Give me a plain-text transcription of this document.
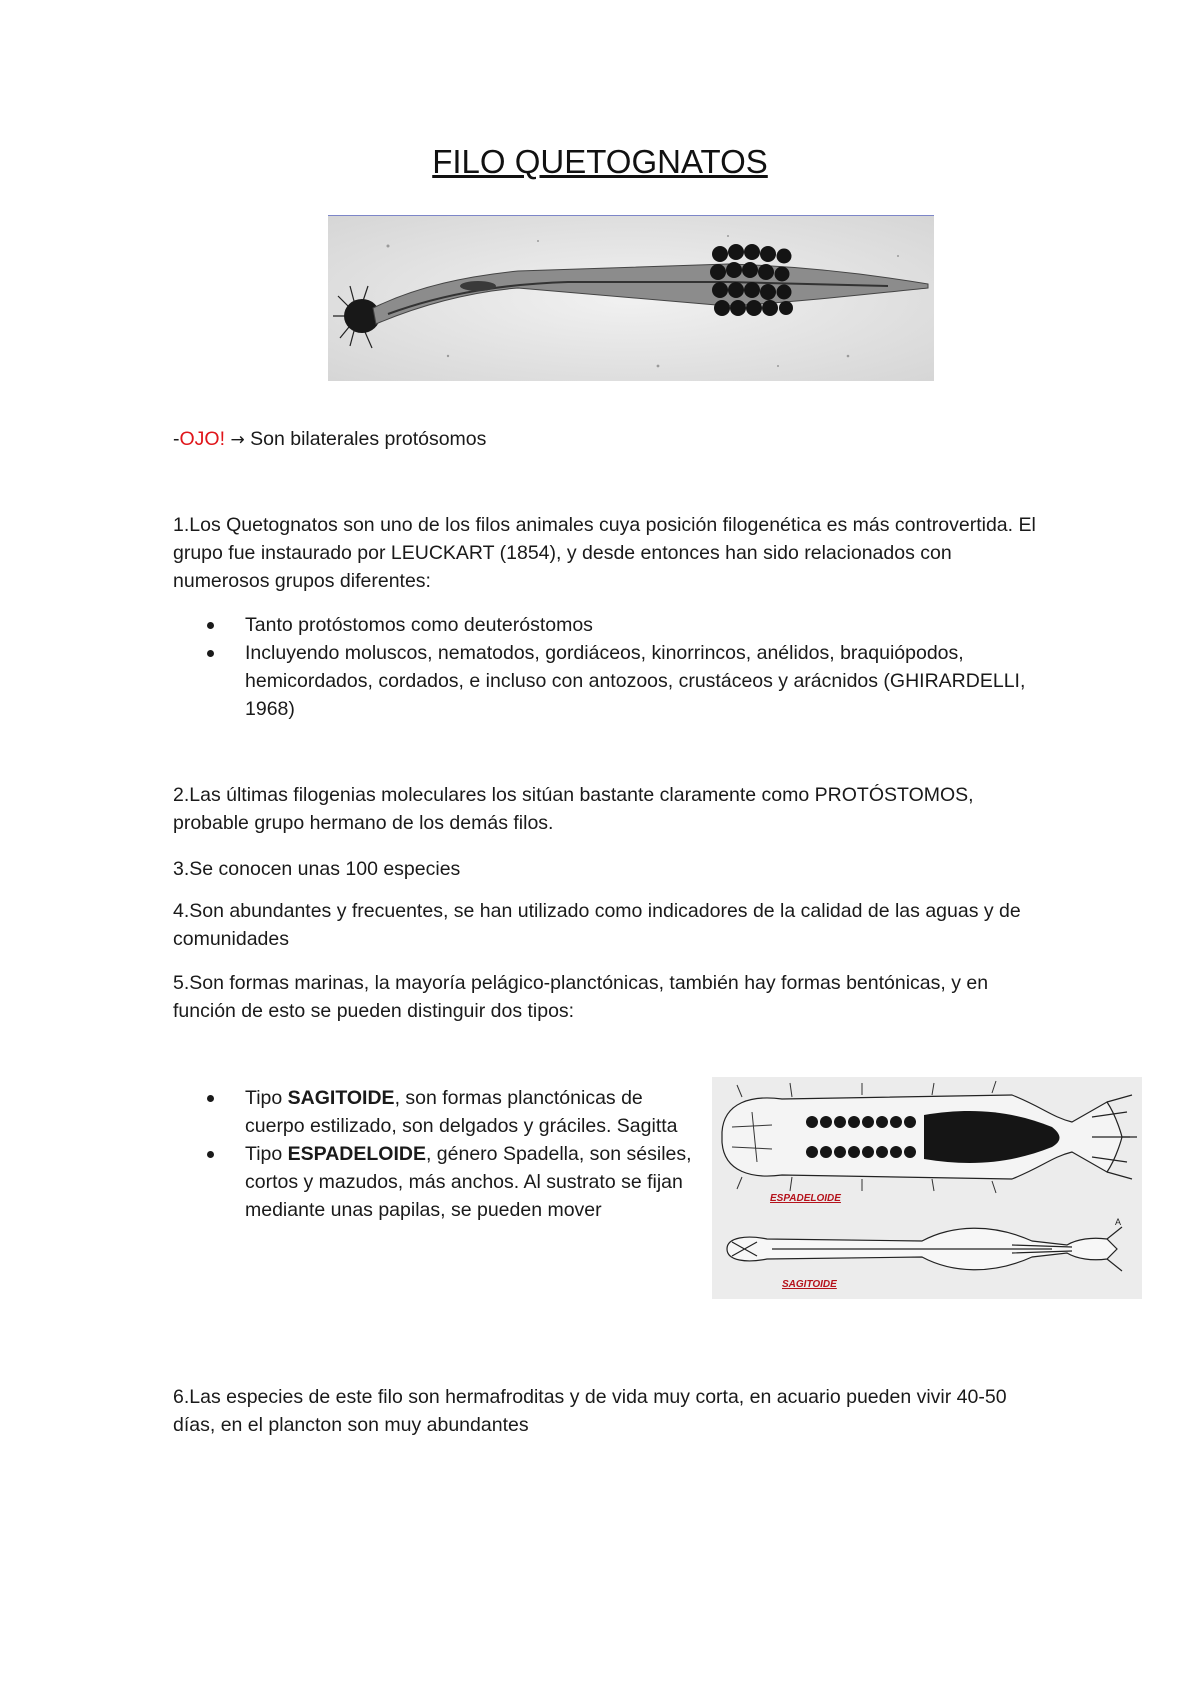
FILO QUETOGNATOS
-OJO! → Son bilaterales protósomos
1.Los Quetognatos son uno de los filos animales cuya posición filogenética es más controvertida. El grupo fue instaurado por LEUCKART (1854), y desde entonces han sido relacionados con numerosos grupos diferentes:
Tanto protóstomos como deuteróstomos
Incluyendo moluscos, nematodos, gordiáceos, kinorrincos, anélidos, braquiópodos, hemicordados, cordados, e incluso con antozoos, crustáceos y arácnidos (GHIRARDELLI, 1968)
2.Las últimas filogenias moleculares los sitúan bastante claramente como PROTÓSTOMOS, probable grupo hermano de los demás filos.
3.Se conocen unas 100 especies
4.Son abundantes y frecuentes, se han utilizado como indicadores de la calidad de las aguas y de comunidades
5.Son formas marinas, la mayoría pelágico-planctónicas, también hay formas bentónicas, y en función de esto se pueden distinguir dos tipos:
Tipo SAGITOIDE, son formas planctónicas de cuerpo estilizado, son delgados y gráciles. Sagitta
Tipo ESPADELOIDE, género Spadella, son sésiles, cortos y mazudos, más anchos. Al sustrato se fijan mediante unas papilas, se pueden mover
ESPADELOIDE
SAGITOIDE
A
6.Las especies de este filo son hermafroditas y de vida muy corta, en acuario pueden vivir 40-50 días, en el plancton son muy abundantes
